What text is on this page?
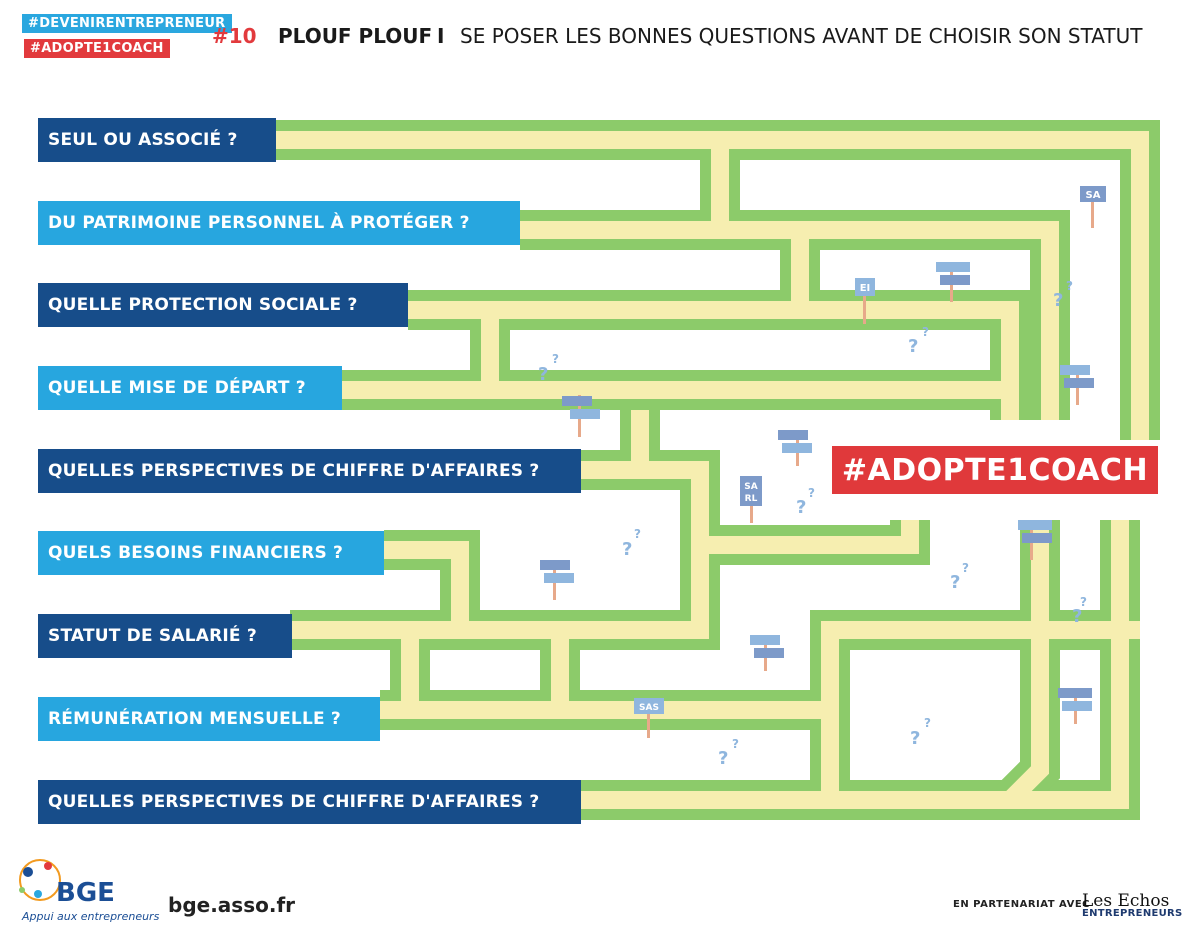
SA
EI
SA
RL
SAS
?
?
?
?
?
?
?
?
?
?
?
?
?
?
?
?
?
?
#DEVENIRENTREPRENEUR
#ADOPTE1COACH
#10 PLOUF PLOUF I SE POSER LES BONNES QUESTIONS AVANT DE CHOISIR SON STATUT
SEUL OU ASSOCIÉ ?
DU PATRIMOINE PERSONNEL À PROTÉGER ?
QUELLE PROTECTION SOCIALE ?
QUELLE MISE DE DÉPART ?
QUELLES PERSPECTIVES DE CHIFFRE D'AFFAIRES ?
QUELS BESOINS FINANCIERS ?
STATUT DE SALARIÉ ?
RÉMUNÉRATION MENSUELLE ?
QUELLES PERSPECTIVES DE CHIFFRE D'AFFAIRES ?
#ADOPTE1COACH
BGE
Appui aux entrepreneurs bge.asso.fr	EN PARTENARIAT AVEC
Les Echos
ENTREPRENEURS
